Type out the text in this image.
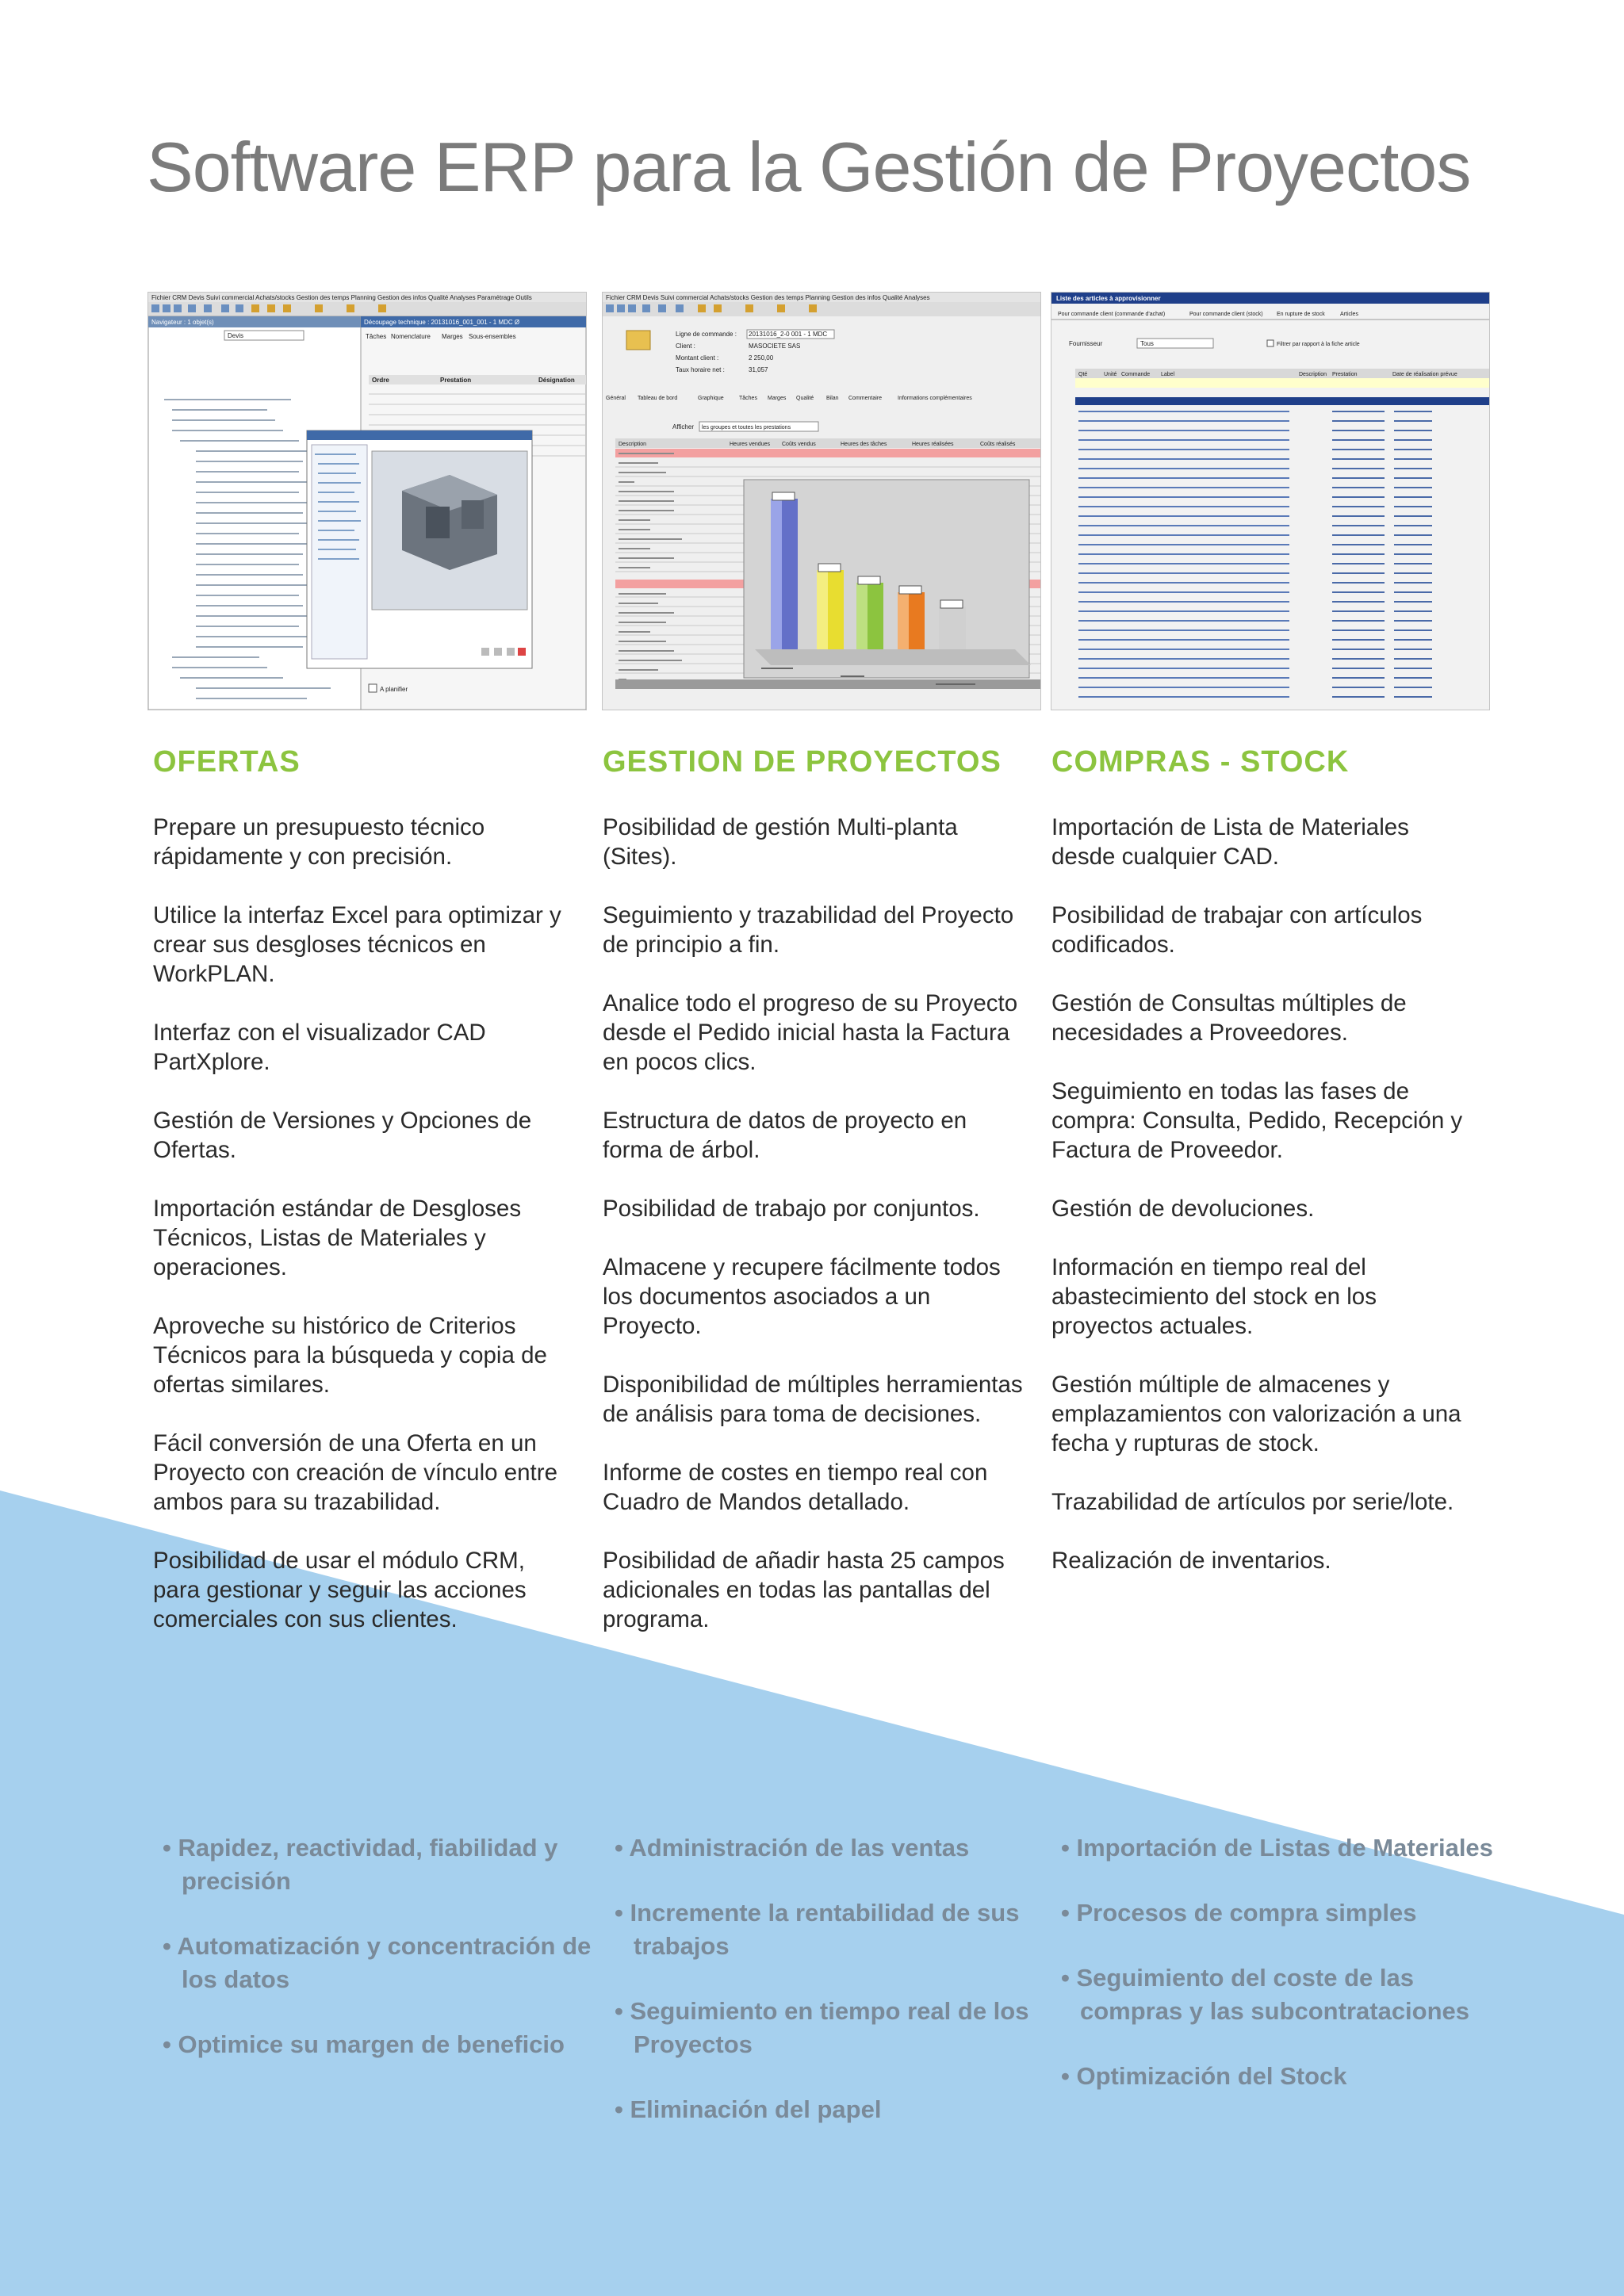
Software ERP para la Gestión de Proyectos
Fichier CRM Devis Suivi commercial Achats/stocks Gestion des temps Planning Gestion des infos Qualité Analyses Paramétrage Outils
Navigateur : 1 objet(s)
Devis
Découpage technique : 20131016_001_001 - 1 MDC Ø
Tâches Nomenclature Marges Sous-ensembles
Ordre	Prestation	Désignation
A planifier
Fichier CRM Devis Suivi commercial Achats/stocks Gestion des temps Planning Gestion des infos Qualité Analyses
Ligne de commande :
Client :
Montant client :
Taux horaire net :
20131016_2-0 001 - 1 MDC
MASOCIETE SAS
2 250,00
31,057
Général Tableau de bord	Graphique	Tâches Marges Qualité Bilan Commentaire	Informations complémentaires
Afficher les groupes et toutes les prestations
Description	Heures vendues Coûts vendus	Heures des tâches	Heures réalisées	Coûts réalisés
Liste des articles à approvisionner
Pour commande client (commande d'achat)	Pour commande client (stock) En rupture de stock	Articles
Fournisseur	Tous	Filtrer par rapport à la fiche article
Qté	Unité Commande Label	Description Prestation	Date de réalisation prévue
OFERTAS

Prepare un presupuesto técnico rápidamente y con precisión.

Utilice la interfaz Excel para optimizar y crear sus desgloses técnicos en WorkPLAN.

Interfaz con el visualizador CAD PartXplore.

Gestión de Versiones y Opciones de Ofertas.

Importación estándar de Desgloses Técnicos, Listas de Materiales y operaciones.

Aproveche su histórico de Criterios Técnicos para la búsqueda y copia de ofertas similares.

Fácil conversión de una Oferta en un Proyecto con creación de vínculo entre ambos para su trazabilidad.

Posibilidad de usar el módulo CRM, para gestionar y seguir las acciones comerciales con sus clientes.

GESTION DE PROYECTOS

Posibilidad de gestión Multi-planta (Sites).

Seguimiento y trazabilidad del Proyecto de principio a fin.

Analice todo el progreso de su Proyecto desde el Pedido inicial hasta la Factura en pocos clics.

Estructura de datos de proyecto en forma de árbol.

Posibilidad de trabajo por conjuntos.

Almacene y recupere fácilmente todos los documentos asociados a un Proyecto.

Disponibilidad de múltiples herramientas de análisis para toma de decisiones.

Informe de costes en tiempo real con Cuadro de Mandos detallado.

Posibilidad de añadir hasta 25 campos adicionales en todas las pantallas del programa.

COMPRAS - STOCK

Importación de Lista de Materiales desde cualquier CAD.

Posibilidad de trabajar con artículos codificados.

Gestión de Consultas múltiples de necesidades a Proveedores.

Seguimiento en todas las fases de compra: Consulta, Pedido, Recepción y Factura de Proveedor.

Gestión de devoluciones.

Información en tiempo real del abastecimiento del stock en los proyectos actuales.

Gestión múltiple de almacenes y emplazamientos con valorización a una fecha y rupturas de stock.

Trazabilidad de artículos por serie/lote.

Realización de inventarios.

• Rapidez, reactividad, fiabilidad y precisión
• Automatización y concentración de los datos
• Optimice su margen de beneficio
• Administración de las ventas
• Incremente la rentabilidad de sus trabajos
• Seguimiento en tiempo real de los Proyectos
• Eliminación del papel
• Importación de Listas de Materiales
• Procesos de compra simples
• Seguimiento del coste de las compras y las subcontrataciones
• Optimización del Stock
